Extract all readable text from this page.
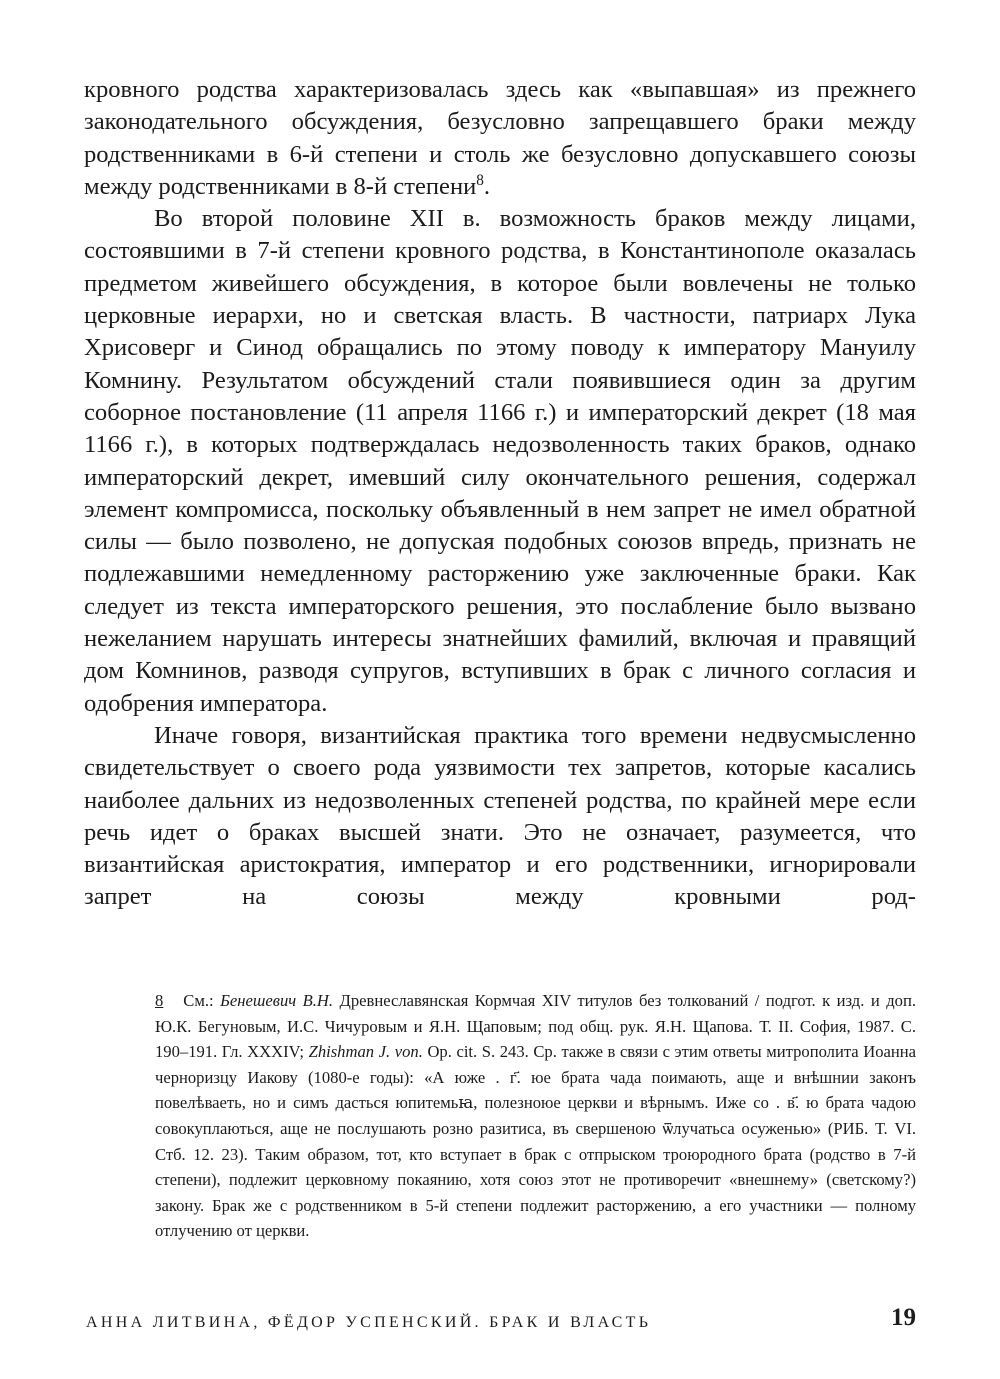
кровного родства характеризовалась здесь как «выпавшая» из прежнего законодательного обсуждения, безусловно запрещавшего браки между родственниками в 6-й степени и столь же безусловно допускавшего союзы между родственниками в 8-й степени$^8$.

Во второй половине XII в. возможность браков между лицами, состоявшими в 7-й степени кровного родства, в Константинополе оказалась предметом живейшего обсуждения, в которое были вовлечены не только церковные иерархи, но и светская власть. В частности, патриарх Лука Хрисоверг и Синод обращались по этому поводу к императору Мануилу Комнину. Результатом обсуждений стали появившиеся один за другим соборное постановление (11 апреля 1166 г.) и императорский декрет (18 мая 1166 г.), в которых подтверждалась недозволенность таких браков, однако императорский декрет, имевший силу окончательного решения, содержал элемент компромисса, поскольку объявленный в нем запрет не имел обратной силы — было позволено, не допуская подобных союзов впредь, признать не подлежавшими немедленному расторжению уже заключенные браки. Как следует из текста императорского решения, это послабление было вызвано нежеланием нарушать интересы знатнейших фамилий, включая и правящий дом Комнинов, разводя супругов, вступивших в брак с личного согласия и одобрения императора.

Иначе говоря, византийская практика того времени недвусмысленно свидетельствует о своего рода уязвимости тех запретов, которые касались наиболее дальних из недозволенных степеней родства, по крайней мере если речь идет о браках высшей знати. Это не означает, разумеется, что византийская аристократия, император и его родственники, игнорировали запрет на союзы между кровными род-

8 См.: Бенешевич В.Н. Древнеславянская Кормчая XIV титулов без толкований / подгот. к изд. и доп. Ю.К. Бегуновым, И.С. Чичуровым и Я.Н. Щаповым; под общ. рук. Я.Н. Щапова. Т. II. София, 1987. С. 190–191. Гл. XXXIV; Zhishman J. von. Op. cit. S. 243. Ср. также в связи с этим ответы митрополита Иоанна черноризцу Иакову (1080-е годы): «А юже . г҃. юе брата чада поимають, аще и внѣшнии законъ повелѣваеть, но и симъ дасться юпитемьꙗ, полезноюе церкви и вѣрнымъ. Иже со . в҃. ю брата чадою совокуплаються, аще не послушають розно разитиса, въ свершеною ѿлучатьса осуженью» (РИБ. Т. VI. Стб. 12. 23). Таким образом, тот, кто вступает в брак с отпрыском троюродного брата (родство в 7-й степени), подлежит церковному покаянию, хотя союз этот не противоречит «внешнему» (светскому?) закону. Брак же с родственником в 5-й степени подлежит расторжению, а его участники — полному отлучению от церкви.

АННА ЛИТВИНА, ФЁДОР УСПЕНСКИЙ. БРАК И ВЛАСТЬ	19
